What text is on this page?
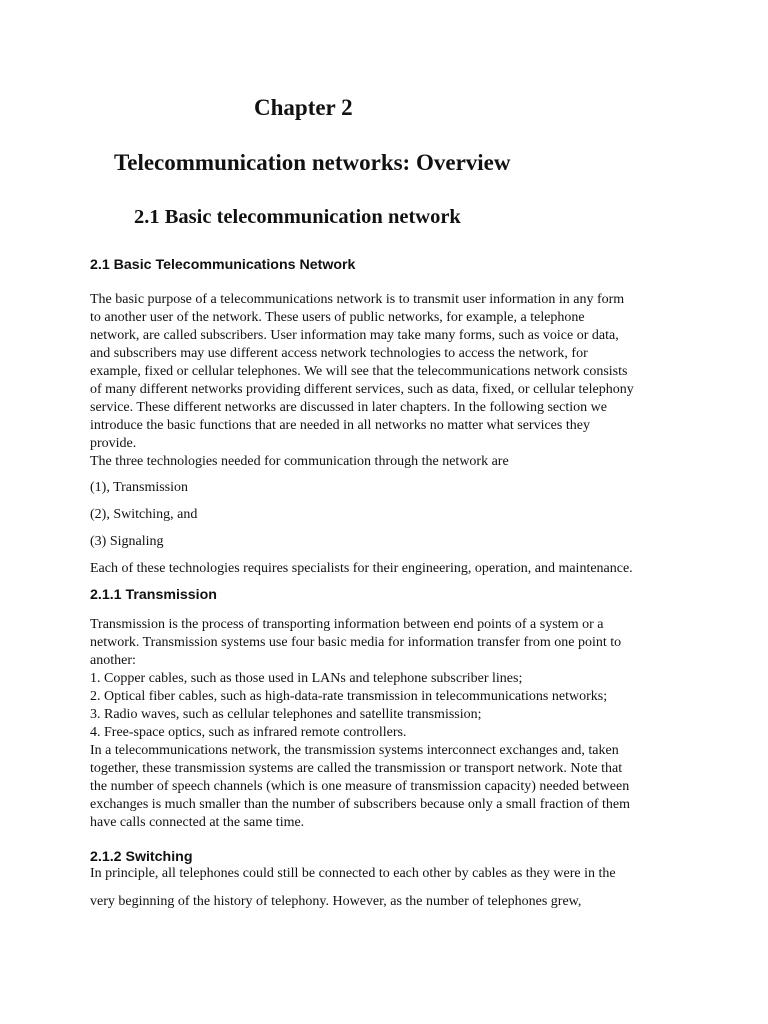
Chapter 2
Telecommunication networks: Overview
2.1 Basic telecommunication network
2.1 Basic Telecommunications Network
The basic purpose of a telecommunications network is to transmit user information in any form
to another user of the network. These users of public networks, for example, a telephone
network, are called subscribers. User information may take many forms, such as voice or data,
and subscribers may use different access network technologies to access the network, for
example, fixed or cellular telephones. We will see that the telecommunications network consists
of many different networks providing different services, such as data, fixed, or cellular telephony
service. These different networks are discussed in later chapters. In the following section we
introduce the basic functions that are needed in all networks no matter what services they
provide.
The three technologies needed for communication through the network are
(1), Transmission
(2), Switching, and
(3) Signaling
Each of these technologies requires specialists for their engineering, operation, and maintenance.
2.1.1 Transmission
Transmission is the process of transporting information between end points of a system or a
network. Transmission systems use four basic media for information transfer from one point to
another:
1. Copper cables, such as those used in LANs and telephone subscriber lines;
2. Optical fiber cables, such as high-data-rate transmission in telecommunications networks;
3. Radio waves, such as cellular telephones and satellite transmission;
4. Free-space optics, such as infrared remote controllers.
In a telecommunications network, the transmission systems interconnect exchanges and, taken
together, these transmission systems are called the transmission or transport network. Note that
the number of speech channels (which is one measure of transmission capacity) needed between
exchanges is much smaller than the number of subscribers because only a small fraction of them
have calls connected at the same time.
2.1.2 Switching
In principle, all telephones could still be connected to each other by cables as they were in the
very beginning of the history of telephony. However, as the number of telephones grew,
